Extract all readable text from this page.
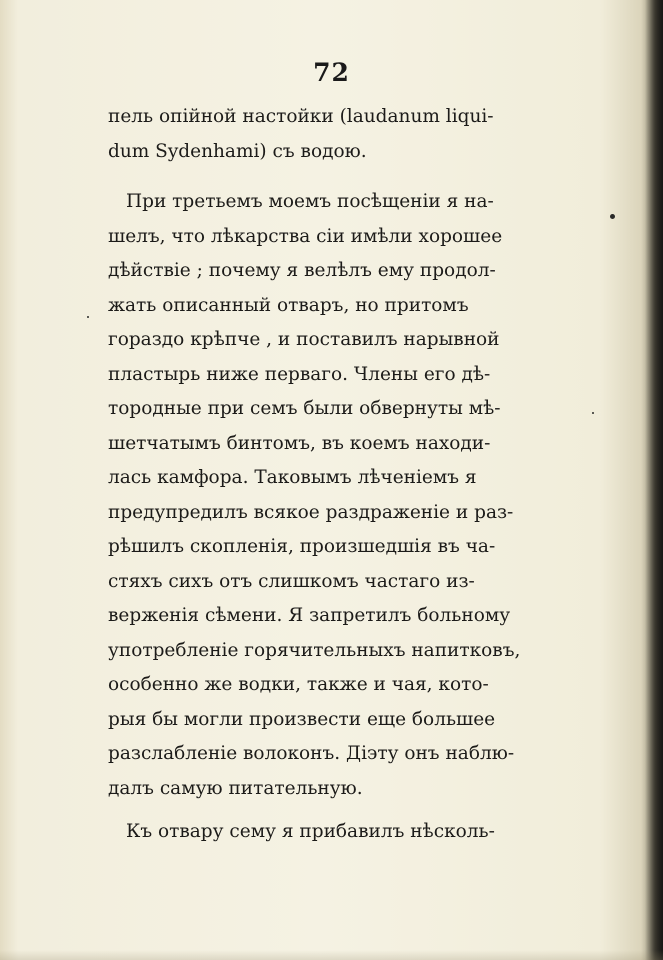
72
пель опiйной настойки (laudanum liqui-
dum Sydenhami) съ водою.
При третьемъ моемъ посѣщенiи я на-
шелъ, что лѣкарства сiи имѣли хорошее
дѣйствiе ; почему я велѣлъ ему продол-
жать описанный отваръ, но притомъ
гораздо крѣпче , и поставилъ нарывной
пластырь ниже перваго. Члены его дѣ-
тородные при семъ были обвернуты мѣ-
шетчатымъ бинтомъ, въ коемъ находи-
лась камфора. Таковымъ лѣченiемъ я
предупредилъ всякое раздраженiе и раз-
рѣшилъ скопленiя, произшедшiя въ ча-
стяхъ сихъ отъ слишкомъ частаго из-
верженiя сѣмени. Я запретилъ больному
употребленiе горячительныхъ напитковъ,
особенно же водки, также и чая, кото-
рыя бы могли произвести еще большее
разслабленiе волоконъ. Дiэту онъ наблю-
далъ самую питательную.
Къ отвару сему я прибавилъ нѣсколь-
